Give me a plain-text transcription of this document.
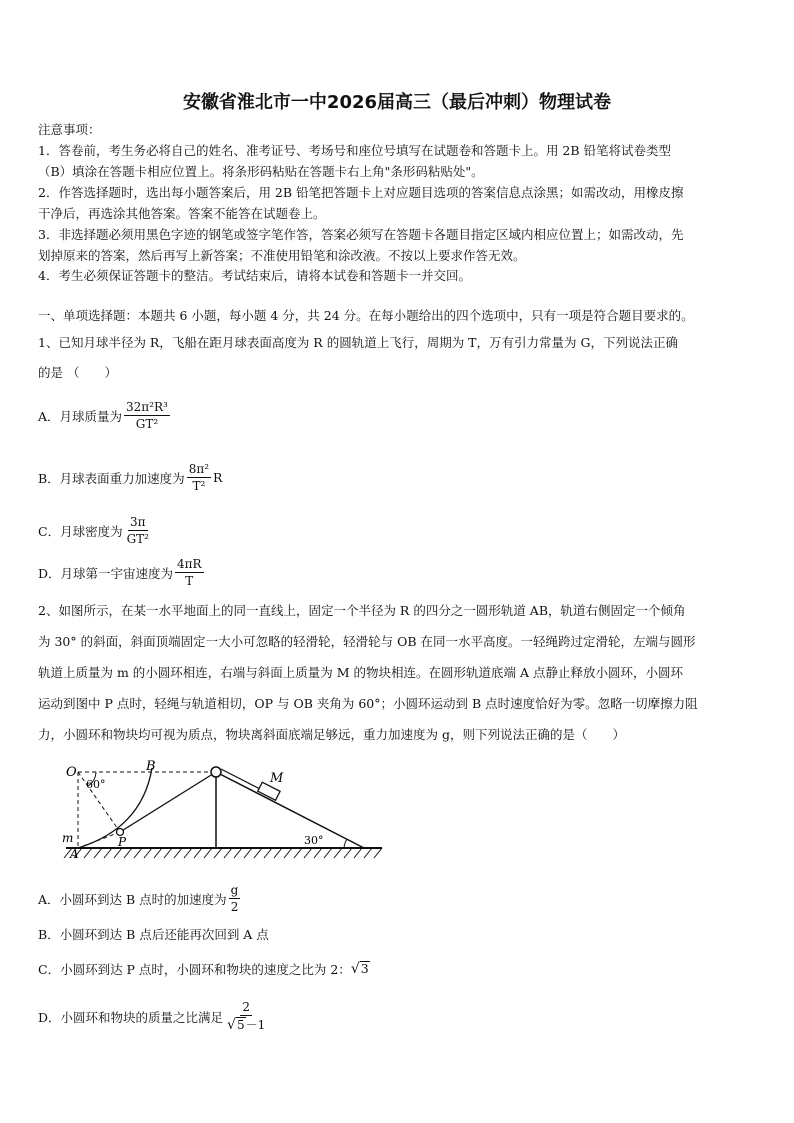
安徽省淮北市一中2026届高三（最后冲刺）物理试卷
注意事项：
1．答卷前，考生务必将自己的姓名、准考证号、考场号和座位号填写在试题卷和答题卡上。用 2B 铅笔将试卷类型
（B）填涂在答题卡相应位置上。将条形码粘贴在答题卡右上角"条形码粘贴处"。
2．作答选择题时，选出每小题答案后，用 2B 铅笔把答题卡上对应题目选项的答案信息点涂黑；如需改动，用橡皮擦
干净后，再选涂其他答案。答案不能答在试题卷上。
3．非选择题必须用黑色字迹的钢笔或签字笔作答，答案必须写在答题卡各题目指定区域内相应位置上；如需改动，先
划掉原来的答案，然后再写上新答案；不准使用铅笔和涂改液。不按以上要求作答无效。
4．考生必须保证答题卡的整洁。考试结束后，请将本试卷和答题卡一并交回。
一、单项选择题：本题共 6 小题，每小题 4 分，共 24 分。在每小题给出的四个选项中，只有一项是符合题目要求的。
1、已知月球半径为 R，飞船在距月球表面高度为 R 的圆轨道上飞行，周期为 T，万有引力常量为 G，下列说法正确
的是 （　　）
A．月球质量为 $\frac{\text{32π²R³}}{\text{GT²}}$
B．月球表面重力加速度为 $\frac{\text{8π²}}{\text{T²}}$ R
C．月球密度为 $\frac{3\pi}{\text{GT²}}$
D．月球第一宇宙速度为 $\frac{4\pi R}{T}$
2、如图所示，在某一水平地面上的同一直线上，固定一个半径为 R 的四分之一圆形轨道 AB，轨道右侧固定一个倾角
为 30° 的斜面，斜面顶端固定一大小可忽略的轻滑轮，轻滑轮与 OB 在同一水平高度。一轻绳跨过定滑轮，左端与圆形
轨道上质量为 m 的小圆环相连，右端与斜面上质量为 M 的物块相连。在圆形轨道底端 A 点静止释放小圆环，小圆环
运动到图中 P 点时，轻绳与轨道相切，OP 与 OB 夹角为 60°；小圆环运动到 B 点时速度恰好为零。忽略一切摩擦力阻
力，小圆环和物块均可视为质点，物块离斜面底端足够远，重力加速度为 g，则下列说法正确的是（　　）
O
60°
B
M
m	P
A
30°
A．小圆环到达 B 点时的加速度为 $\frac{g}{2}$
B．小圆环到达 B 点后还能再次回到 A 点
C．小圆环到达 P 点时，小圆环和物块的速度之比为 2： √ 3
D．小圆环和物块的质量之比满足 $\frac{2}{√ 5 -1}$
